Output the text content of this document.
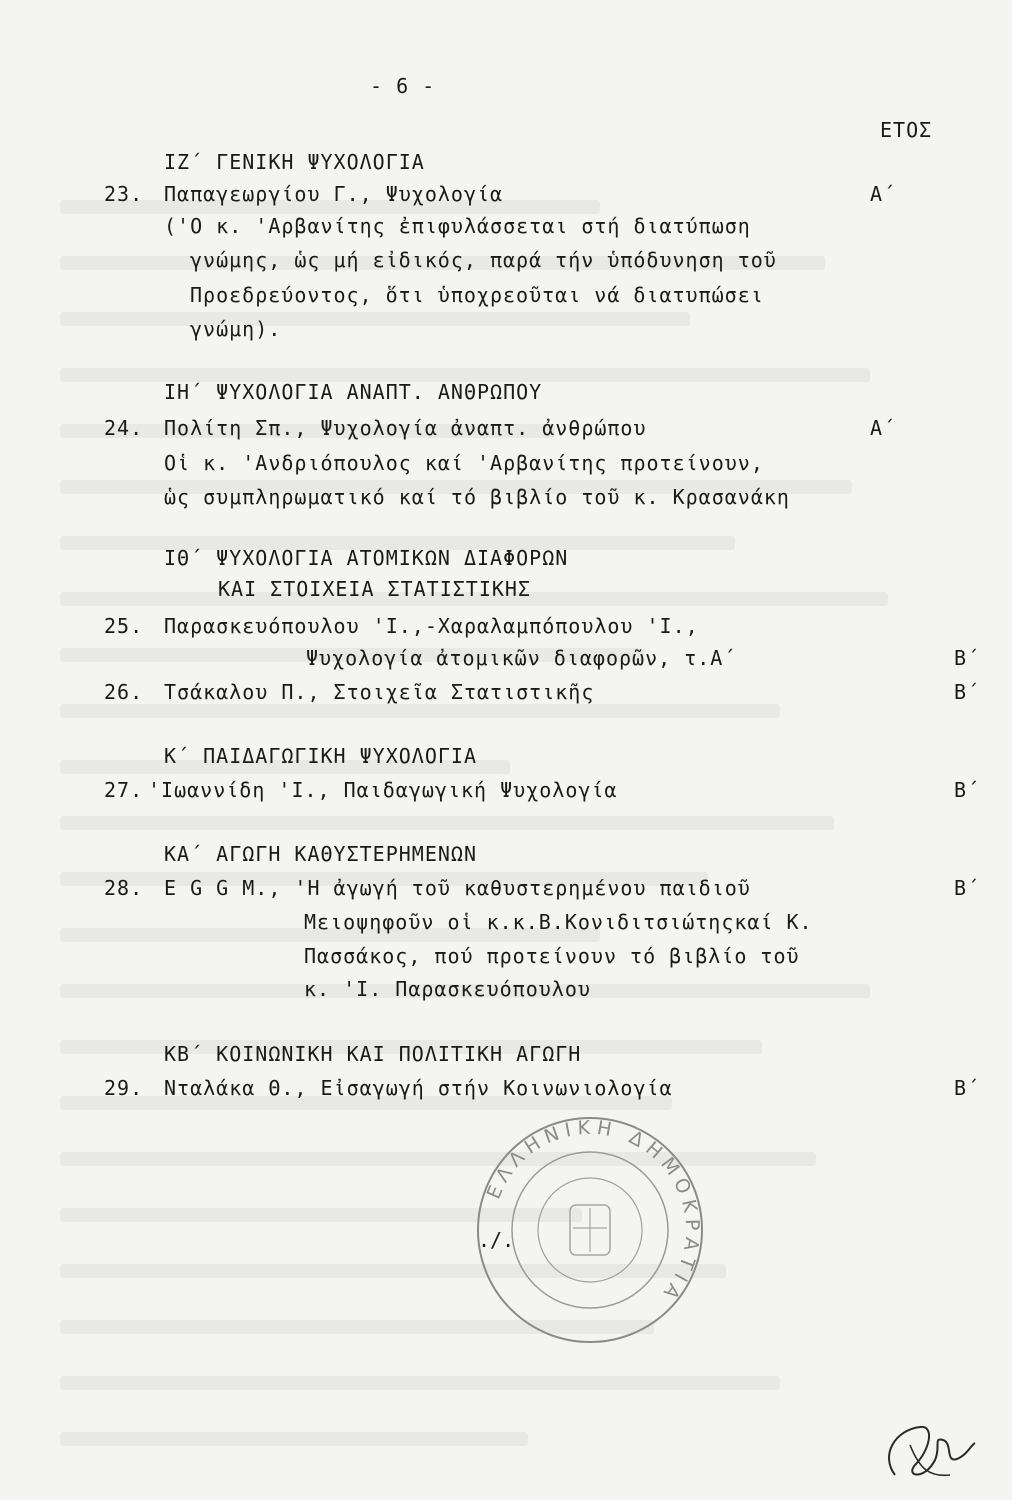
- 6 -
ΕΤΟΣ
ΙΖ΄ ΓΕΝΙΚΗ ΨΥΧΟΛΟΓΙΑ
23. Παπαγεωργίου Γ., Ψυχολογία	Α΄
('Ο κ. 'Αρβανίτης ἐπιφυλάσσεται στή διατύπωση
γνώμης, ὡς μή εἰδικός, παρά τήν ὑπόδυνηση τοῦ
Προεδρεύοντος, ὅτι ὑποχρεοῦται νά διατυπώσει
γνώμη).
ΙΗ΄ ΨΥΧΟΛΟΓΙΑ ΑΝΑΠΤ. ΑΝΘΡΩΠΟΥ
24. Πολίτη Σπ., Ψυχολογία ἀναπτ. ἀνθρώπου	Α΄
Οἱ κ. 'Ανδριόπουλος καί 'Αρβανίτης προτείνουν,
ὡς συμπληρωματικό καί τό βιβλίο τοῦ κ. Κρασανάκη
ΙΘ΄ ΨΥΧΟΛΟΓΙΑ ΑΤΟΜΙΚΩΝ ΔΙΑΦΟΡΩΝ
ΚΑΙ ΣΤΟΙΧΕΙΑ ΣΤΑΤΙΣΤΙΚΗΣ
25. Παρασκευόπουλου 'Ι.,-Χαραλαμπόπουλου 'Ι.,
Ψυχολογία ἀτομικῶν διαφορῶν, τ.Α΄	Β΄
26. Τσάκαλου Π., Στοιχεῖα Στατιστικῆς	Β΄
Κ΄ ΠΑΙΔΑΓΩΓΙΚΗ ΨΥΧΟΛΟΓΙΑ
27. 'Ιωαννίδη 'Ι., Παιδαγωγική Ψυχολογία	Β΄
ΚΑ΄ ΑΓΩΓΗ ΚΑΘΥΣΤΕΡΗΜΕΝΩΝ
28. E G G M., 'Η ἀγωγή τοῦ καθυστερημένου παιδιοῦ	Β΄
Μειοψηφοῦν οἱ κ.κ.Β.Κονιδιτσιώτηςκαί Κ.
Πασσάκος, πού προτείνουν τό βιβλίο τοῦ
κ. 'Ι. Παρασκευόπουλου
ΚΒ΄ ΚΟΙΝΩΝΙΚΗ ΚΑΙ ΠΟΛΙΤΙΚΗ ΑΓΩΓΗ
29. Νταλάκα Θ., Εἰσαγωγή στήν Κοινωνιολογία	Β΄
ΕΛΛΗΝΙΚΗ ΔΗΜΟΚΡΑΤΙΑ
./.
